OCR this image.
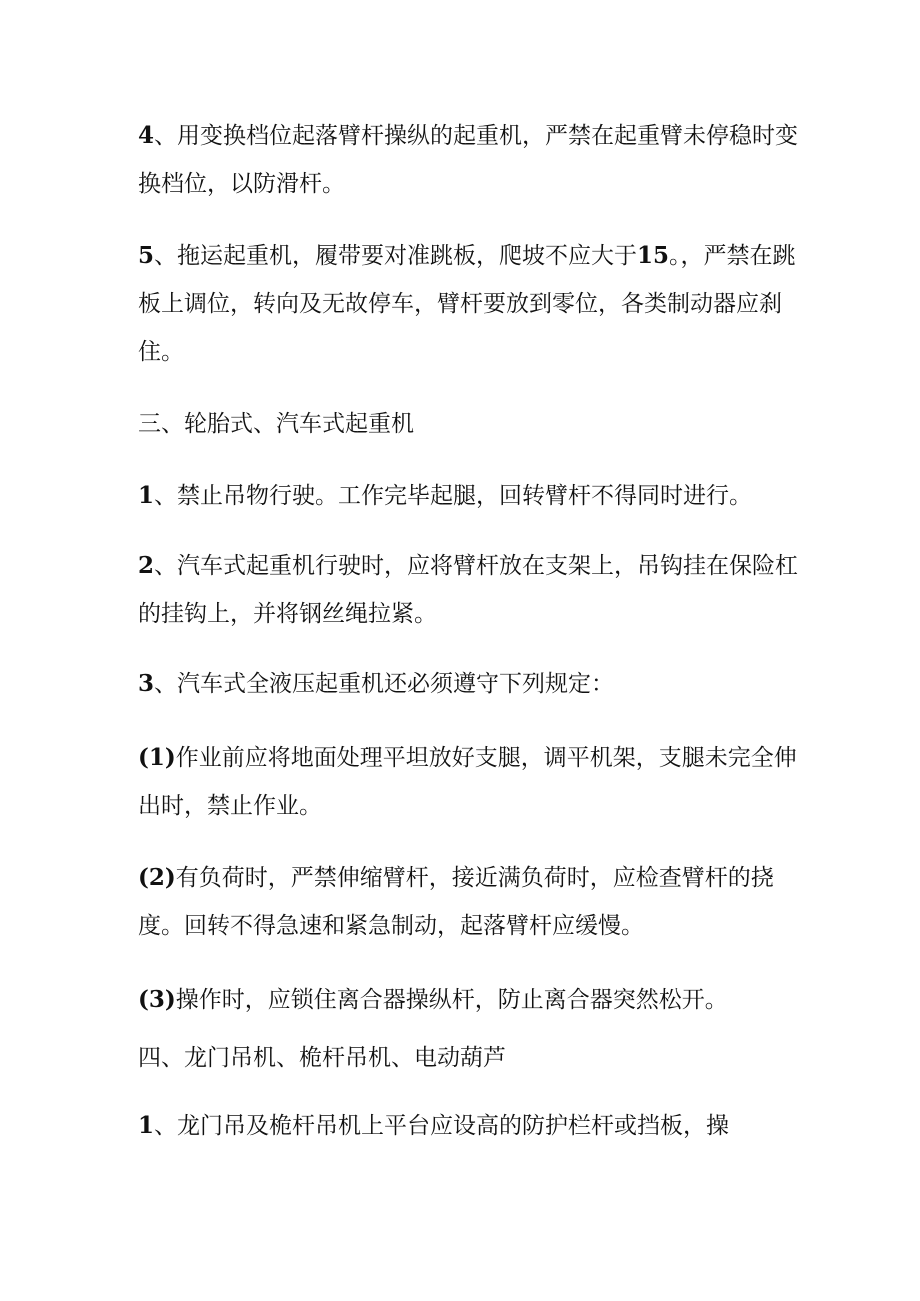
4、用变换档位起落臂杆操纵的起重机，严禁在起重臂未停稳时变换档位，以防滑杆。

5、拖运起重机，履带要对准跳板，爬坡不应大于15。，严禁在跳板上调位，转向及无故停车，臂杆要放到零位，各类制动器应刹住。

三、轮胎式、汽车式起重机

1、禁止吊物行驶。工作完毕起腿，回转臂杆不得同时进行。

2、汽车式起重机行驶时，应将臂杆放在支架上，吊钩挂在保险杠的挂钩上，并将钢丝绳拉紧。

3、汽车式全液压起重机还必须遵守下列规定：

(1)作业前应将地面处理平坦放好支腿，调平机架，支腿未完全伸出时，禁止作业。

(2)有负荷时，严禁伸缩臂杆，接近满负荷时，应检查臂杆的挠度。回转不得急速和紧急制动，起落臂杆应缓慢。

(3)操作时，应锁住离合器操纵杆，防止离合器突然松开。

四、龙门吊机、桅杆吊机、电动葫芦

1、龙门吊及桅杆吊机上平台应设高的防护栏杆或挡板，操
